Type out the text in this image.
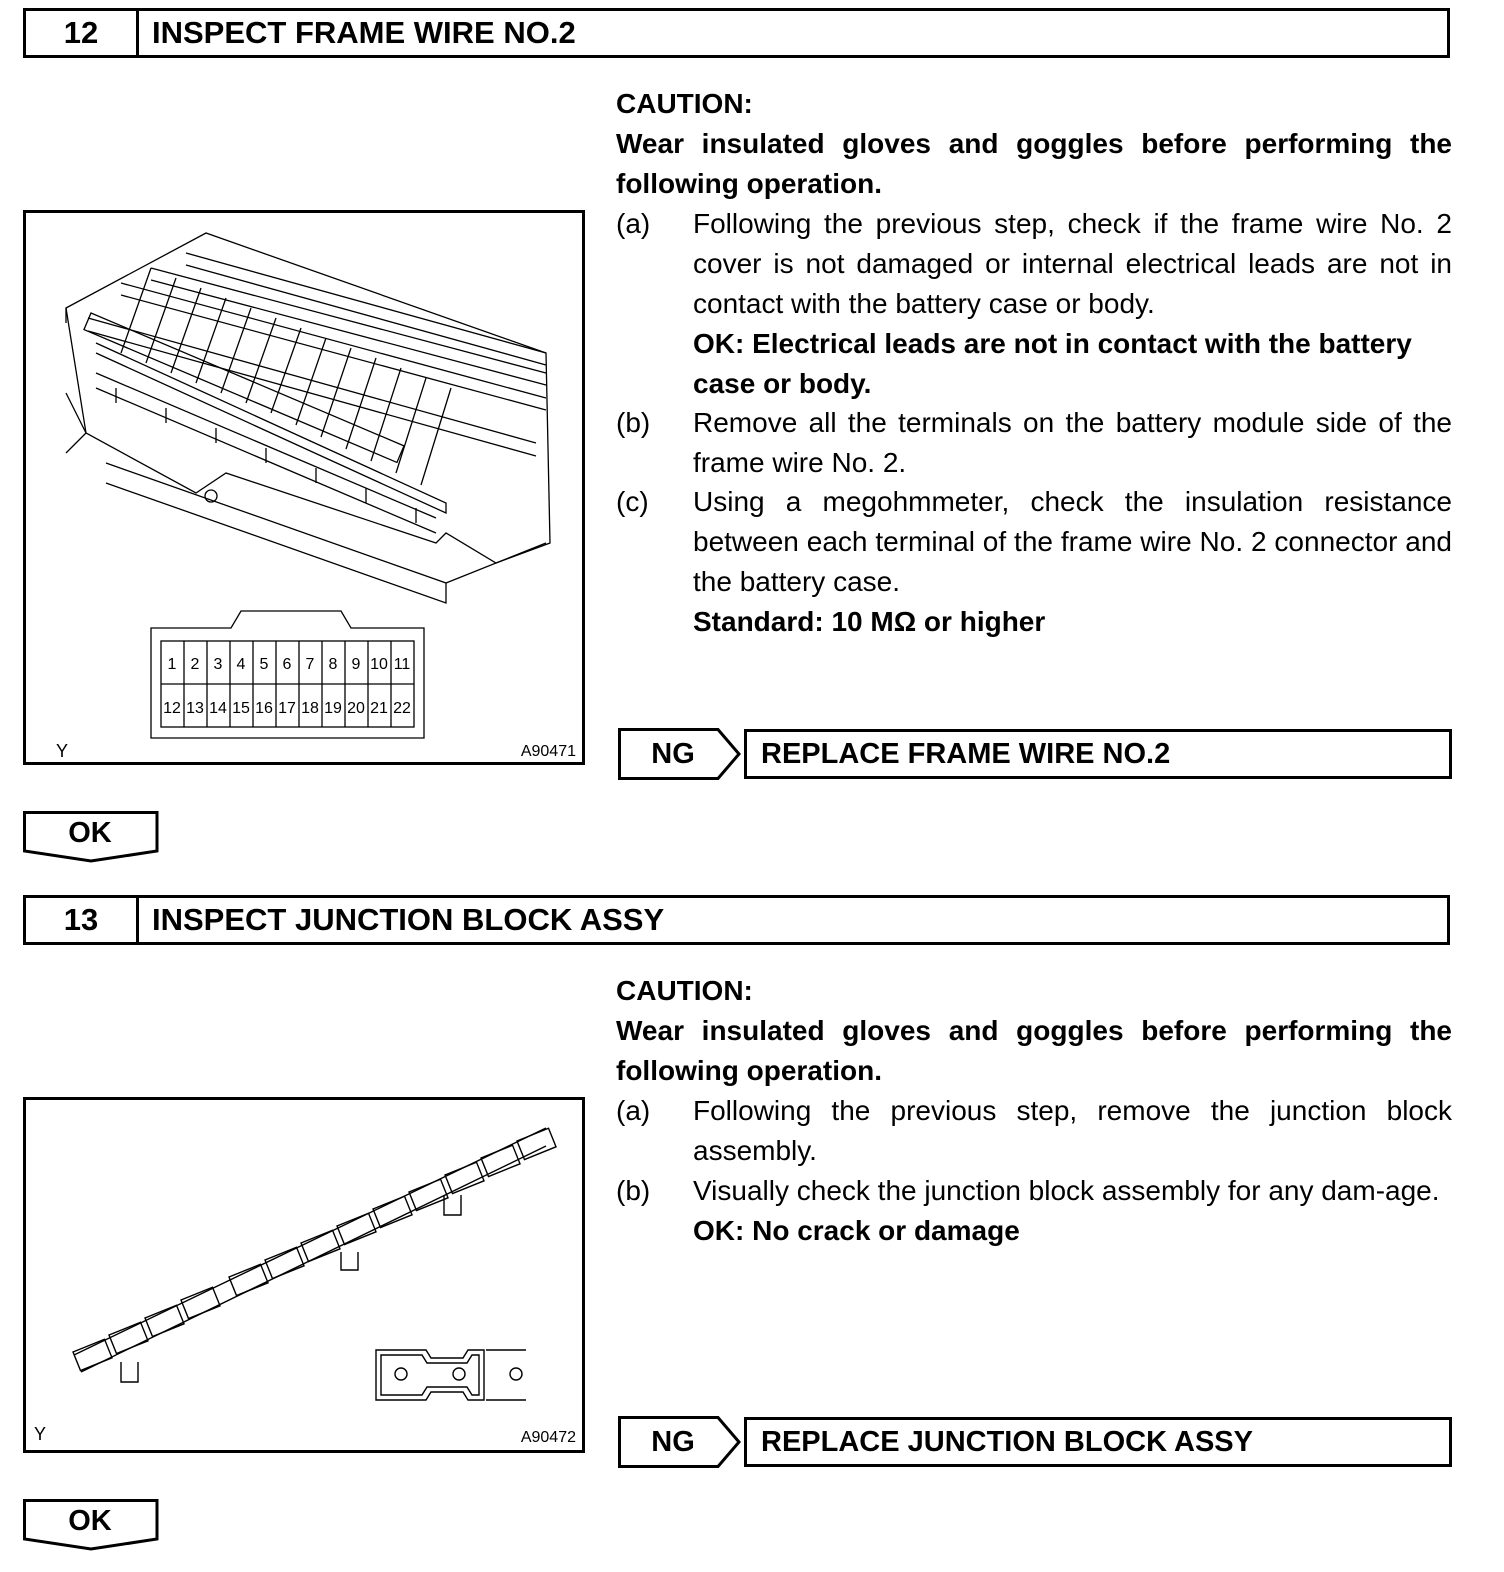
12	INSPECT FRAME WIRE NO.2
1 2 3 4 5 6 7 8 9 10 11
12 13 14 15 16 17 18 19 20 21 22
Y	A90471
CAUTION:
Wear insulated gloves and goggles before performing the following operation.
(a) Following the previous step, check if the frame wire No. 2 cover is not damaged or internal electrical leads are not in contact with the battery case or body.
OK: Electrical leads are not in contact with the battery case or body.
(b) Remove all the terminals on the battery module side of the frame wire No. 2.
(c) Using a megohmmeter, check the insulation resistance between each terminal of the frame wire No. 2 connector and the battery case.
Standard: 10 MΩ or higher
NG	REPLACE FRAME WIRE NO.2
OK
13	INSPECT JUNCTION BLOCK ASSY
Y	A90472
CAUTION:
Wear insulated gloves and goggles before performing the following operation.
(a) Following the previous step, remove the junction block assembly.
(b) Visually check the junction block assembly for any dam-age.
OK: No crack or damage
NG	REPLACE JUNCTION BLOCK ASSY
OK
